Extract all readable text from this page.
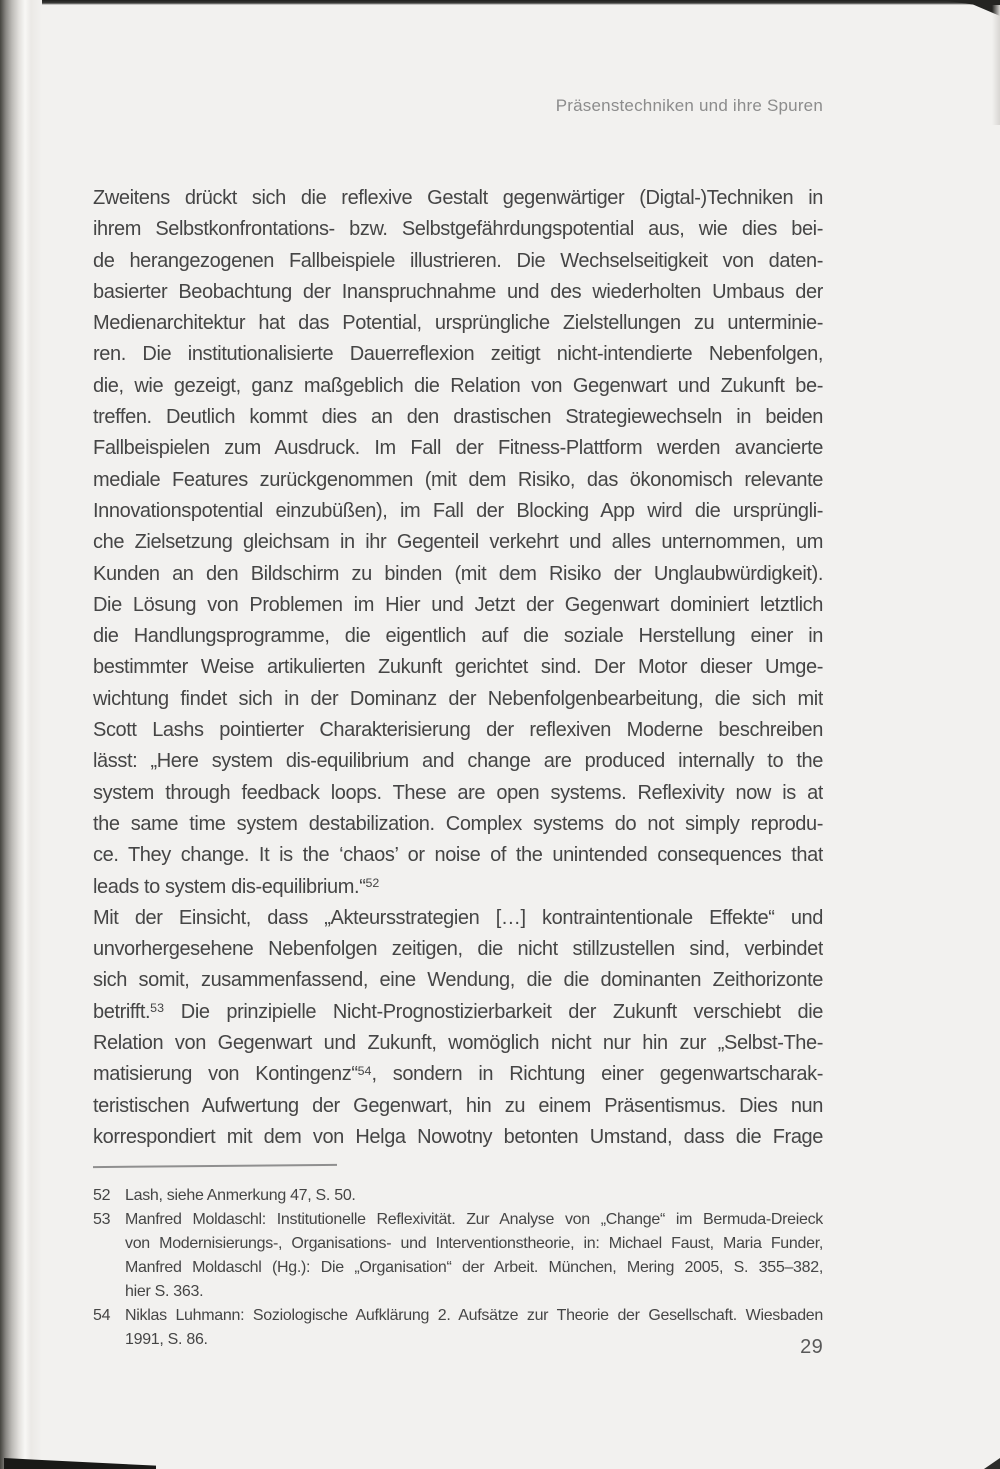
Präsenstechniken und ihre Spuren
Zweitens drückt sich die reflexive Gestalt gegenwärtiger (Digtal-)Techniken in
ihrem Selbstkonfrontations- bzw. Selbstgefährdungspotential aus, wie dies bei-
de herangezogenen Fallbeispiele illustrieren. Die Wechselseitigkeit von daten-
basierter Beobachtung der Inanspruchnahme und des wiederholten Umbaus der
Medienarchitektur hat das Potential, ursprüngliche Zielstellungen zu unterminie-
ren. Die institutionalisierte Dauerreflexion zeitigt nicht-intendierte Nebenfolgen,
die, wie gezeigt, ganz maßgeblich die Relation von Gegenwart und Zukunft be-
treffen. Deutlich kommt dies an den drastischen Strategiewechseln in beiden
Fallbeispielen zum Ausdruck. Im Fall der Fitness-Plattform werden avancierte
mediale Features zurückgenommen (mit dem Risiko, das ökonomisch relevante
Innovationspotential einzubüßen), im Fall der Blocking App wird die ursprüngli-
che Zielsetzung gleichsam in ihr Gegenteil verkehrt und alles unternommen, um
Kunden an den Bildschirm zu binden (mit dem Risiko der Unglaubwürdigkeit).
Die Lösung von Problemen im Hier und Jetzt der Gegenwart dominiert letztlich
die Handlungsprogramme, die eigentlich auf die soziale Herstellung einer in
bestimmter Weise artikulierten Zukunft gerichtet sind. Der Motor dieser Umge-
wichtung findet sich in der Dominanz der Nebenfolgenbearbeitung, die sich mit
Scott Lashs pointierter Charakterisierung der reflexiven Moderne beschreiben
lässt: „Here system dis-equilibrium and change are produced internally to the
system through feedback loops. These are open systems. Reflexivity now is at
the same time system destabilization. Complex systems do not simply reprodu-
ce. They change. It is the ‘chaos’ or noise of the unintended consequences that
leads to system dis-equilibrium.“$^{52}$
Mit der Einsicht, dass „Akteursstrategien […] kontraintentionale Effekte“ und
unvorhergesehene Nebenfolgen zeitigen, die nicht stillzustellen sind, verbindet
sich somit, zusammenfassend, eine Wendung, die die dominanten Zeithorizonte
betrifft.$^{53}$ Die prinzipielle Nicht-Prognostizierbarkeit der Zukunft verschiebt die
Relation von Gegenwart und Zukunft, womöglich nicht nur hin zur „Selbst-The-
matisierung von Kontingenz“$^{54}$, sondern in Richtung einer gegenwartscharak-
teristischen Aufwertung der Gegenwart, hin zu einem Präsentismus. Dies nun
korrespondiert mit dem von Helga Nowotny betonten Umstand, dass die Frage
52 Lash, siehe Anmerkung 47, S. 50.
53 Manfred Moldaschl: Institutionelle Reflexivität. Zur Analyse von „Change“ im Bermuda-Dreieck
von Modernisierungs-, Organisations- und Interventionstheorie, in: Michael Faust, Maria Funder,
Manfred Moldaschl (Hg.): Die „Organisation“ der Arbeit. München, Mering 2005, S. 355–382,
hier S. 363.
54 Niklas Luhmann: Soziologische Aufklärung 2. Aufsätze zur Theorie der Gesellschaft. Wiesbaden
1991, S. 86.	29
